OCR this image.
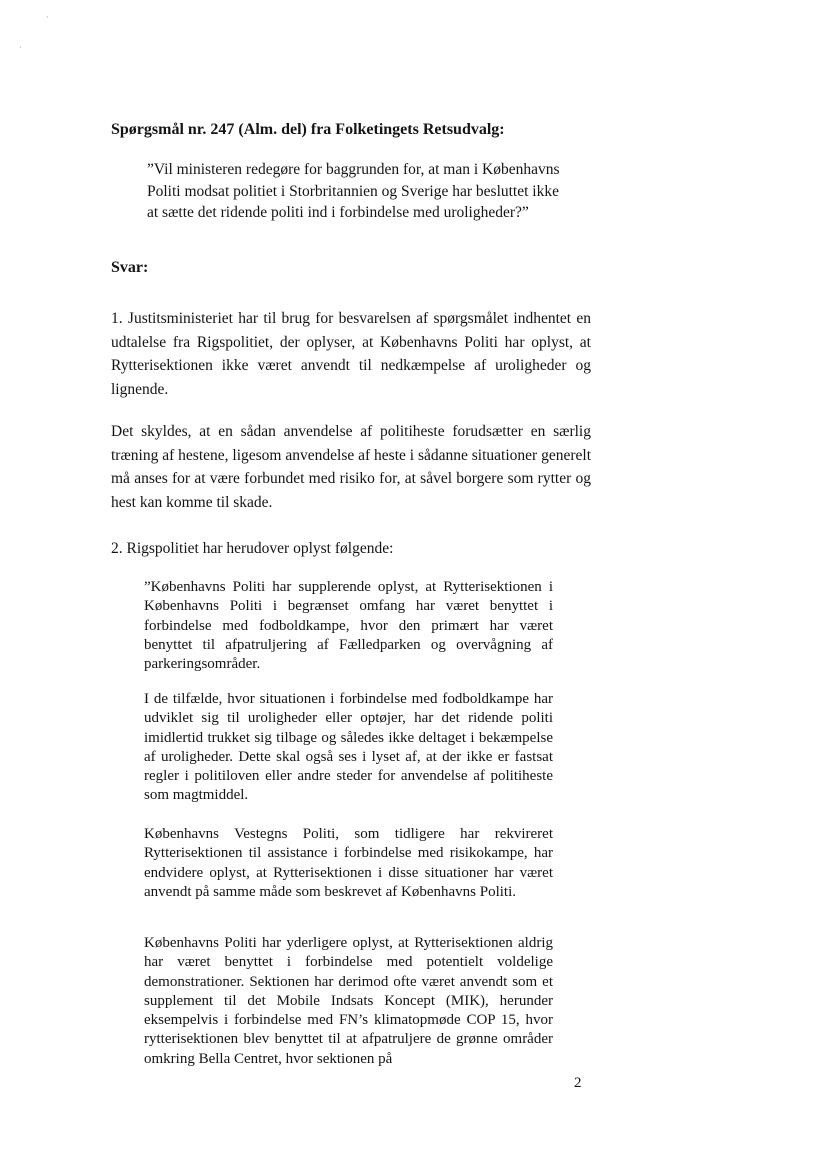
·
·
Spørgsmål nr. 247 (Alm. del) fra Folketingets Retsudvalg:
”Vil ministeren redegøre for baggrunden for, at man i Københavns Politi modsat politiet i Storbritannien og Sverige har besluttet ikke at sætte det ridende politi ind i forbindelse med uroligheder?”
Svar:
1. Justitsministeriet har til brug for besvarelsen af spørgsmålet indhentet en udtalelse fra Rigspolitiet, der oplyser, at Københavns Politi har oplyst, at Rytterisektionen ikke været anvendt til nedkæmpelse af uroligheder og lignende.
Det skyldes, at en sådan anvendelse af politiheste forudsætter en særlig træning af hestene, ligesom anvendelse af heste i sådanne situationer generelt må anses for at være forbundet med risiko for, at såvel borgere som rytter og hest kan komme til skade.
2. Rigspolitiet har herudover oplyst følgende:
”Københavns Politi har supplerende oplyst, at Rytterisektionen i Københavns Politi i begrænset omfang har været benyttet i forbindelse med fodboldkampe, hvor den primært har været benyttet til afpatruljering af Fælledparken og overvågning af parkeringsområder.
I de tilfælde, hvor situationen i forbindelse med fodboldkampe har udviklet sig til uroligheder eller optøjer, har det ridende politi imidlertid trukket sig tilbage og således ikke deltaget i bekæmpelse af uroligheder. Dette skal også ses i lyset af, at der ikke er fastsat regler i politiloven eller andre steder for anvendelse af politiheste som magtmiddel.
Københavns Vestegns Politi, som tidligere har rekvireret Rytterisektionen til assistance i forbindelse med risikokampe, har endvidere oplyst, at Rytterisektionen i disse situationer har været anvendt på samme måde som beskrevet af Københavns Politi.
Københavns Politi har yderligere oplyst, at Rytterisektionen aldrig har været benyttet i forbindelse med potentielt voldelige demonstrationer. Sektionen har derimod ofte været anvendt som et supplement til det Mobile Indsats Koncept (MIK), herunder eksempelvis i forbindelse med FN’s klimatopmøde COP 15, hvor rytterisektionen blev benyttet til at afpatruljere de grønne områder omkring Bella Centret, hvor sektionen på
2
